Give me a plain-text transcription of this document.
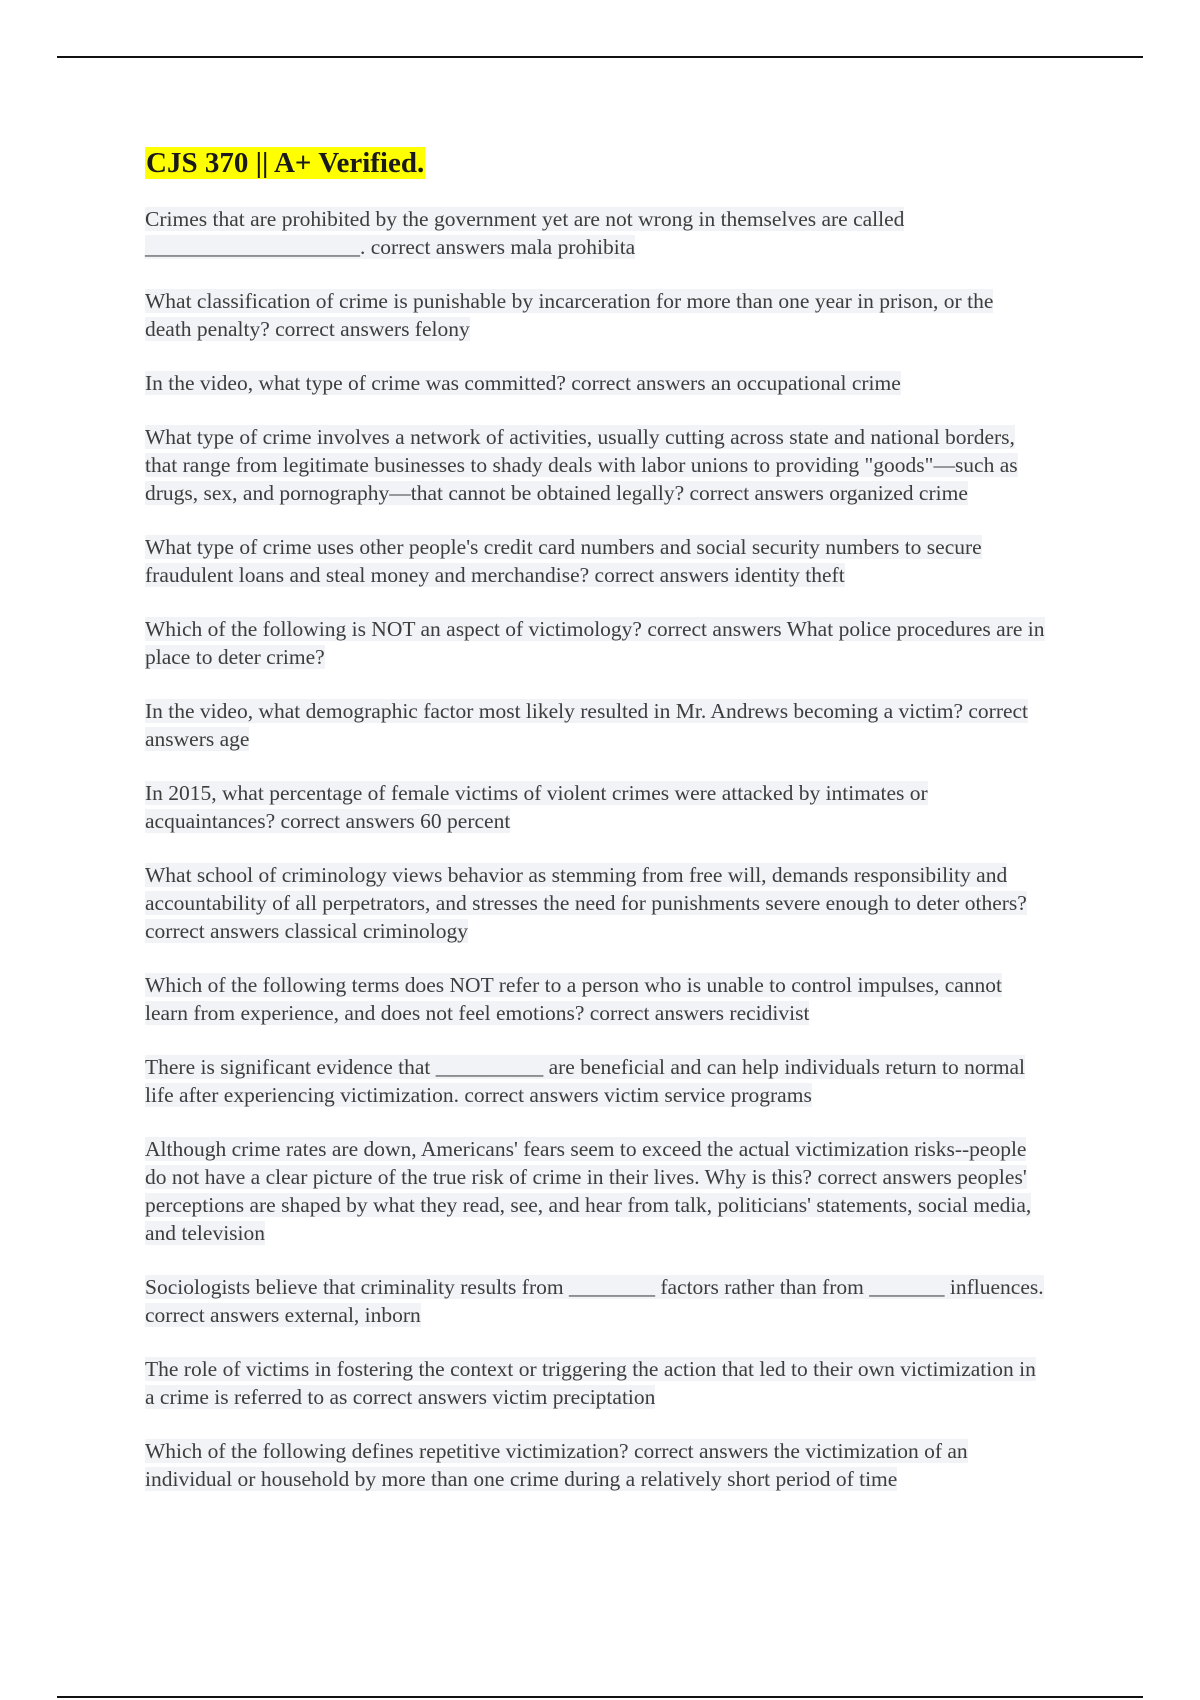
CJS 370 || A+ Verified.

Crimes that are prohibited by the government yet are not wrong in themselves are called ____________________. correct answers mala prohibita

What classification of crime is punishable by incarceration for more than one year in prison, or the death penalty? correct answers felony

In the video, what type of crime was committed? correct answers an occupational crime

What type of crime involves a network of activities, usually cutting across state and national borders, that range from legitimate businesses to shady deals with labor unions to providing "goods"—such as drugs, sex, and pornography—that cannot be obtained legally? correct answers organized crime

What type of crime uses other people's credit card numbers and social security numbers to secure fraudulent loans and steal money and merchandise? correct answers identity theft

Which of the following is NOT an aspect of victimology? correct answers What police procedures are in place to deter crime?

In the video, what demographic factor most likely resulted in Mr. Andrews becoming a victim? correct answers age

In 2015, what percentage of female victims of violent crimes were attacked by intimates or acquaintances? correct answers 60 percent

What school of criminology views behavior as stemming from free will, demands responsibility and accountability of all perpetrators, and stresses the need for punishments severe enough to deter others? correct answers classical criminology

Which of the following terms does NOT refer to a person who is unable to control impulses, cannot learn from experience, and does not feel emotions? correct answers recidivist

There is significant evidence that __________ are beneficial and can help individuals return to normal life after experiencing victimization. correct answers victim service programs

Although crime rates are down, Americans' fears seem to exceed the actual victimization risks--people do not have a clear picture of the true risk of crime in their lives. Why is this? correct answers peoples' perceptions are shaped by what they read, see, and hear from talk, politicians' statements, social media, and television

Sociologists believe that criminality results from ________ factors rather than from _______ influences. correct answers external, inborn

The role of victims in fostering the context or triggering the action that led to their own victimization in a crime is referred to as correct answers victim preciptation

Which of the following defines repetitive victimization? correct answers the victimization of an individual or household by more than one crime during a relatively short period of time
